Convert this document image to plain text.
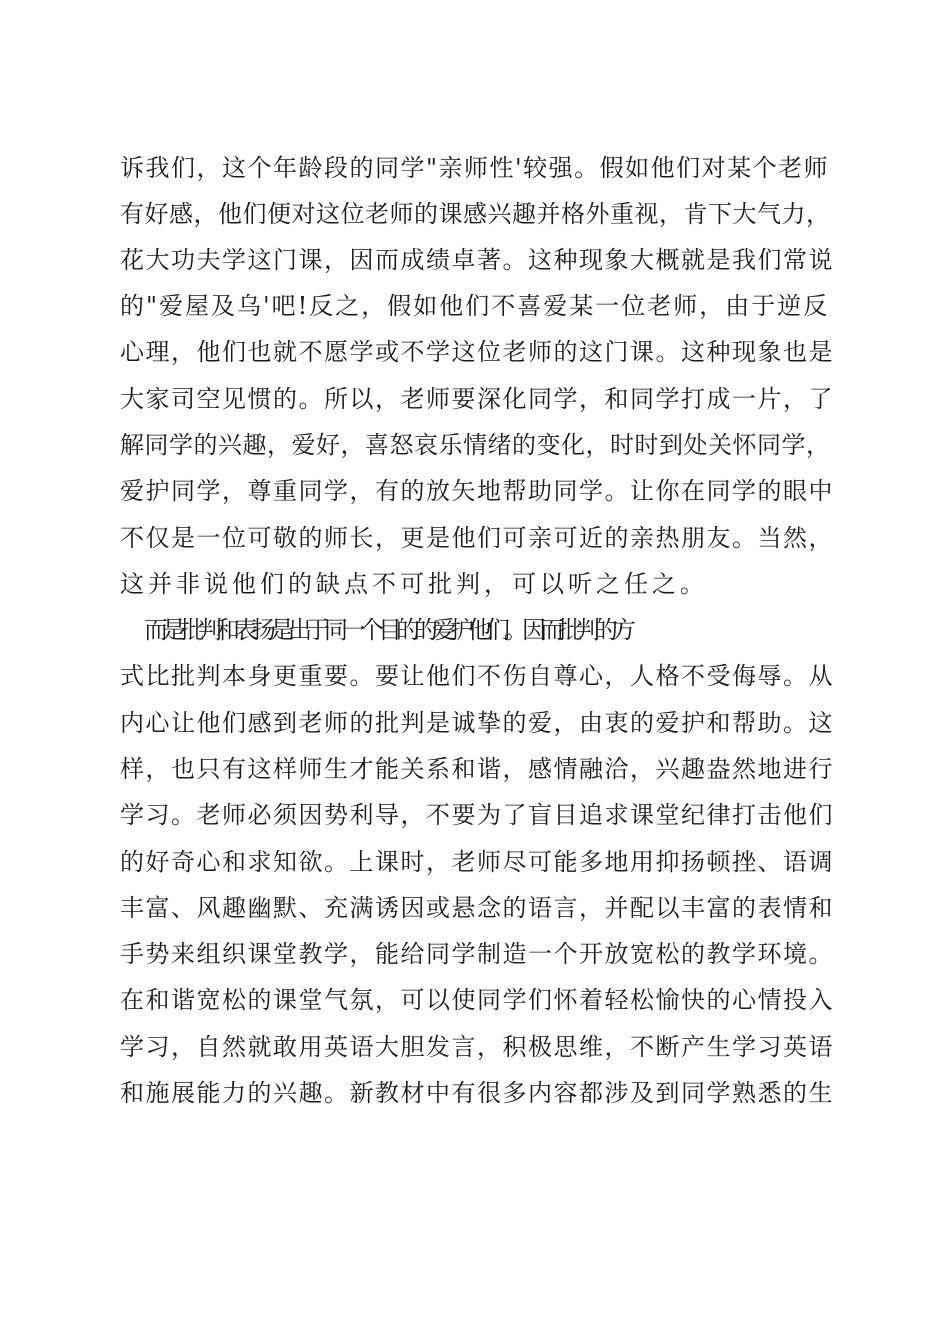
诉我们，这个年龄段的同学"亲师性'较强。假如他们对某个老师
有好感，他们便对这位老师的课感兴趣并格外重视，肯下大气力，
花大功夫学这门课，因而成绩卓著。这种现象大概就是我们常说
的"爱屋及乌'吧!反之，假如他们不喜爱某一位老师，由于逆反
心理，他们也就不愿学或不学这位老师的这门课。这种现象也是
大家司空见惯的。所以，老师要深化同学，和同学打成一片，了
解同学的兴趣，爱好，喜怒哀乐情绪的变化，时时到处关怀同学，
爱护同学，尊重同学，有的放矢地帮助同学。让你在同学的眼中
不仅是一位可敬的师长，更是他们可亲可近的亲热朋友。当然，
这并非说他们的缺点不可批判，可以听之任之。
而是批判和表扬是出于同一个目的的爱护他们。因而批判的方
式比批判本身更重要。要让他们不伤自尊心，人格不受侮辱。从
内心让他们感到老师的批判是诚挚的爱，由衷的爱护和帮助。这
样，也只有这样师生才能关系和谐，感情融洽，兴趣盎然地进行
学习。老师必须因势利导，不要为了盲目追求课堂纪律打击他们
的好奇心和求知欲。上课时，老师尽可能多地用抑扬顿挫、语调
丰富、风趣幽默、充满诱因或悬念的语言，并配以丰富的表情和
手势来组织课堂教学，能给同学制造一个开放宽松的教学环境。
在和谐宽松的课堂气氛，可以使同学们怀着轻松愉快的心情投入
学习，自然就敢用英语大胆发言，积极思维，不断产生学习英语
和施展能力的兴趣。新教材中有很多内容都涉及到同学熟悉的生
